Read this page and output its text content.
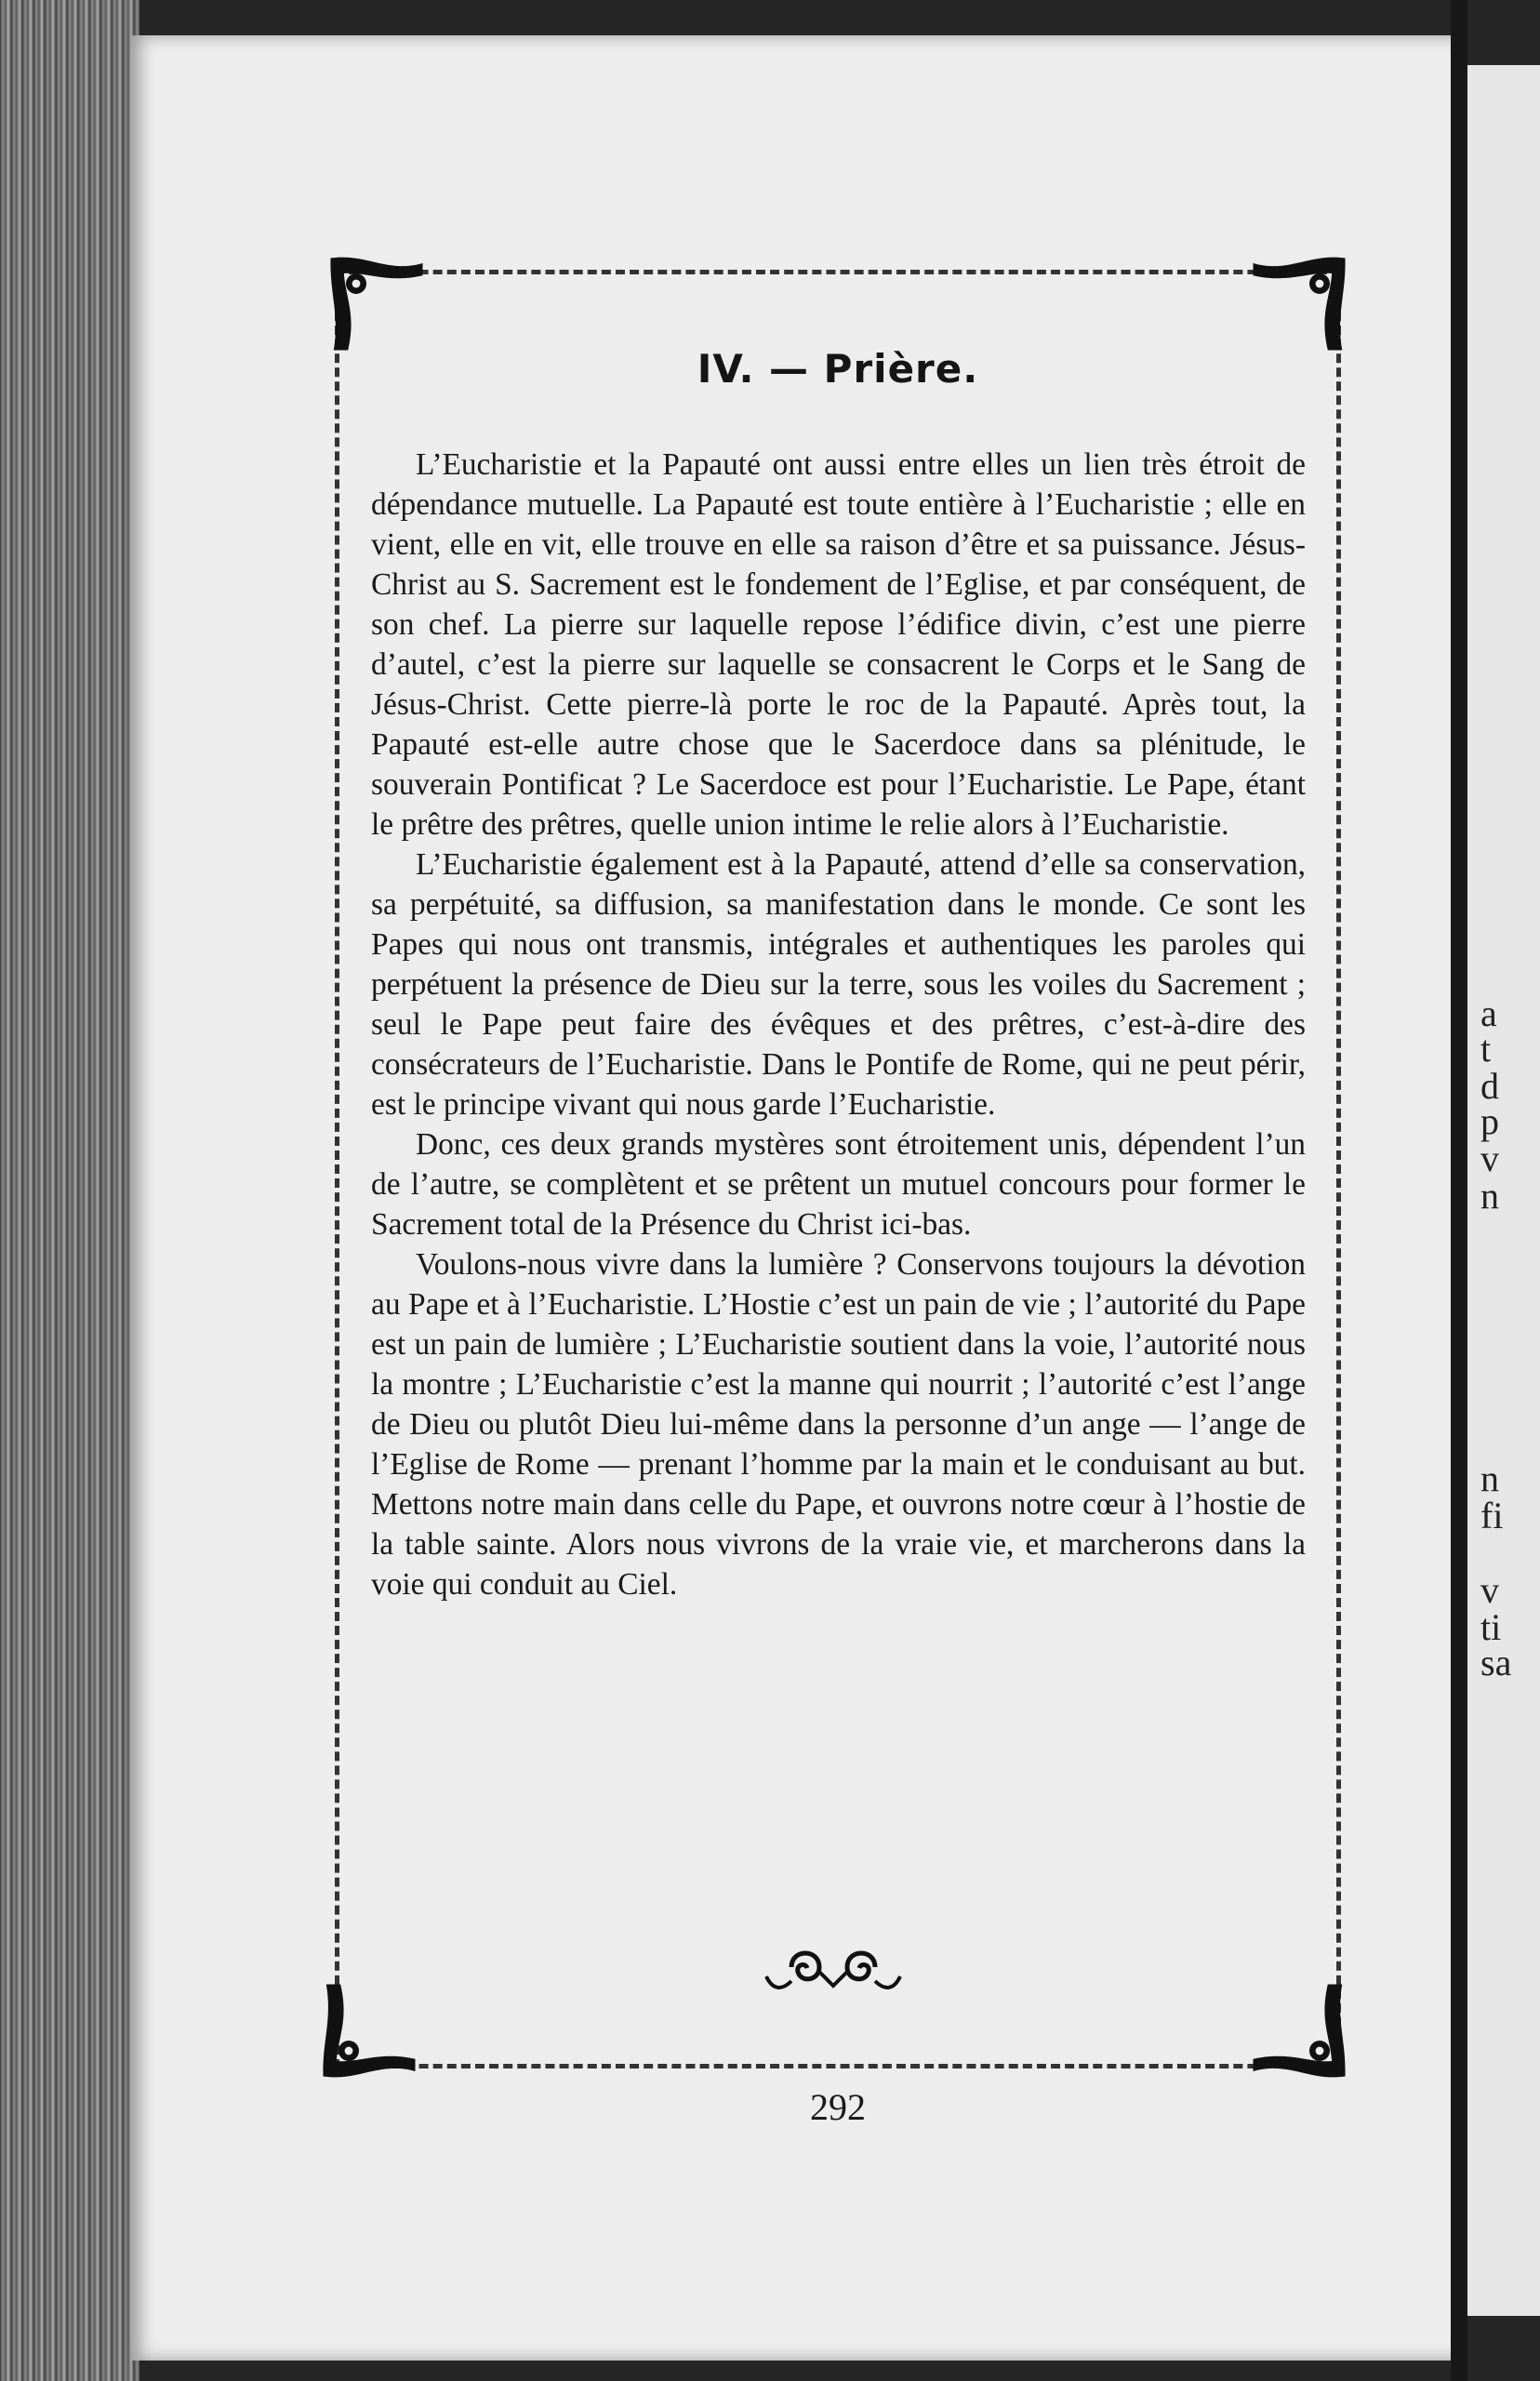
a
t
d
p
v
n
n
fi
v
ti
sa
IV. — Prière.

L’Eucharistie et la Papauté ont aussi entre elles un lien très étroit de dépendance mutuelle. La Papauté est toute entière à l’Eucharistie ; elle en vient, elle en vit, elle trouve en elle sa raison d’être et sa puissance. Jésus-Christ au S. Sacrement est le fondement de l’Eglise, et par conséquent, de son chef. La pierre sur laquelle repose l’édifice divin, c’est une pierre d’autel, c’est la pierre sur laquelle se consacrent le Corps et le Sang de Jésus-Christ. Cette pierre-là porte le roc de la Papauté. Après tout, la Papauté est-elle autre chose que le Sacerdoce dans sa plénitude, le souverain Pontificat ? Le Sacerdoce est pour l’Eucharistie. Le Pape, étant le prêtre des prêtres, quelle union intime le relie alors à l’Eucharistie.

L’Eucharistie également est à la Papauté, attend d’elle sa conservation, sa perpétuité, sa diffusion, sa manifestation dans le monde. Ce sont les Papes qui nous ont transmis, intégrales et authentiques les paroles qui perpétuent la présence de Dieu sur la terre, sous les voiles du Sacrement ; seul le Pape peut faire des évêques et des prêtres, c’est-à-dire des consécrateurs de l’Eucharistie. Dans le Pontife de Rome, qui ne peut périr, est le principe vivant qui nous garde l’Eucharistie.

Donc, ces deux grands mystères sont étroitement unis, dépendent l’un de l’autre, se complètent et se prêtent un mutuel concours pour former le Sacrement total de la Présence du Christ ici-bas.

Voulons-nous vivre dans la lumière ? Conservons toujours la dévotion au Pape et à l’Eucharistie. L’Hostie c’est un pain de vie ; l’autorité du Pape est un pain de lumière ; L’Eucharistie soutient dans la voie, l’autorité nous la montre ; L’Eucharistie c’est la manne qui nourrit ; l’autorité c’est l’ange de Dieu ou plutôt Dieu lui-même dans la personne d’un ange — l’ange de l’Eglise de Rome — prenant l’homme par la main et le conduisant au but. Mettons notre main dans celle du Pape, et ouvrons notre cœur à l’hostie de la table sainte. Alors nous vivrons de la vraie vie, et marcherons dans la voie qui conduit au Ciel.

292
